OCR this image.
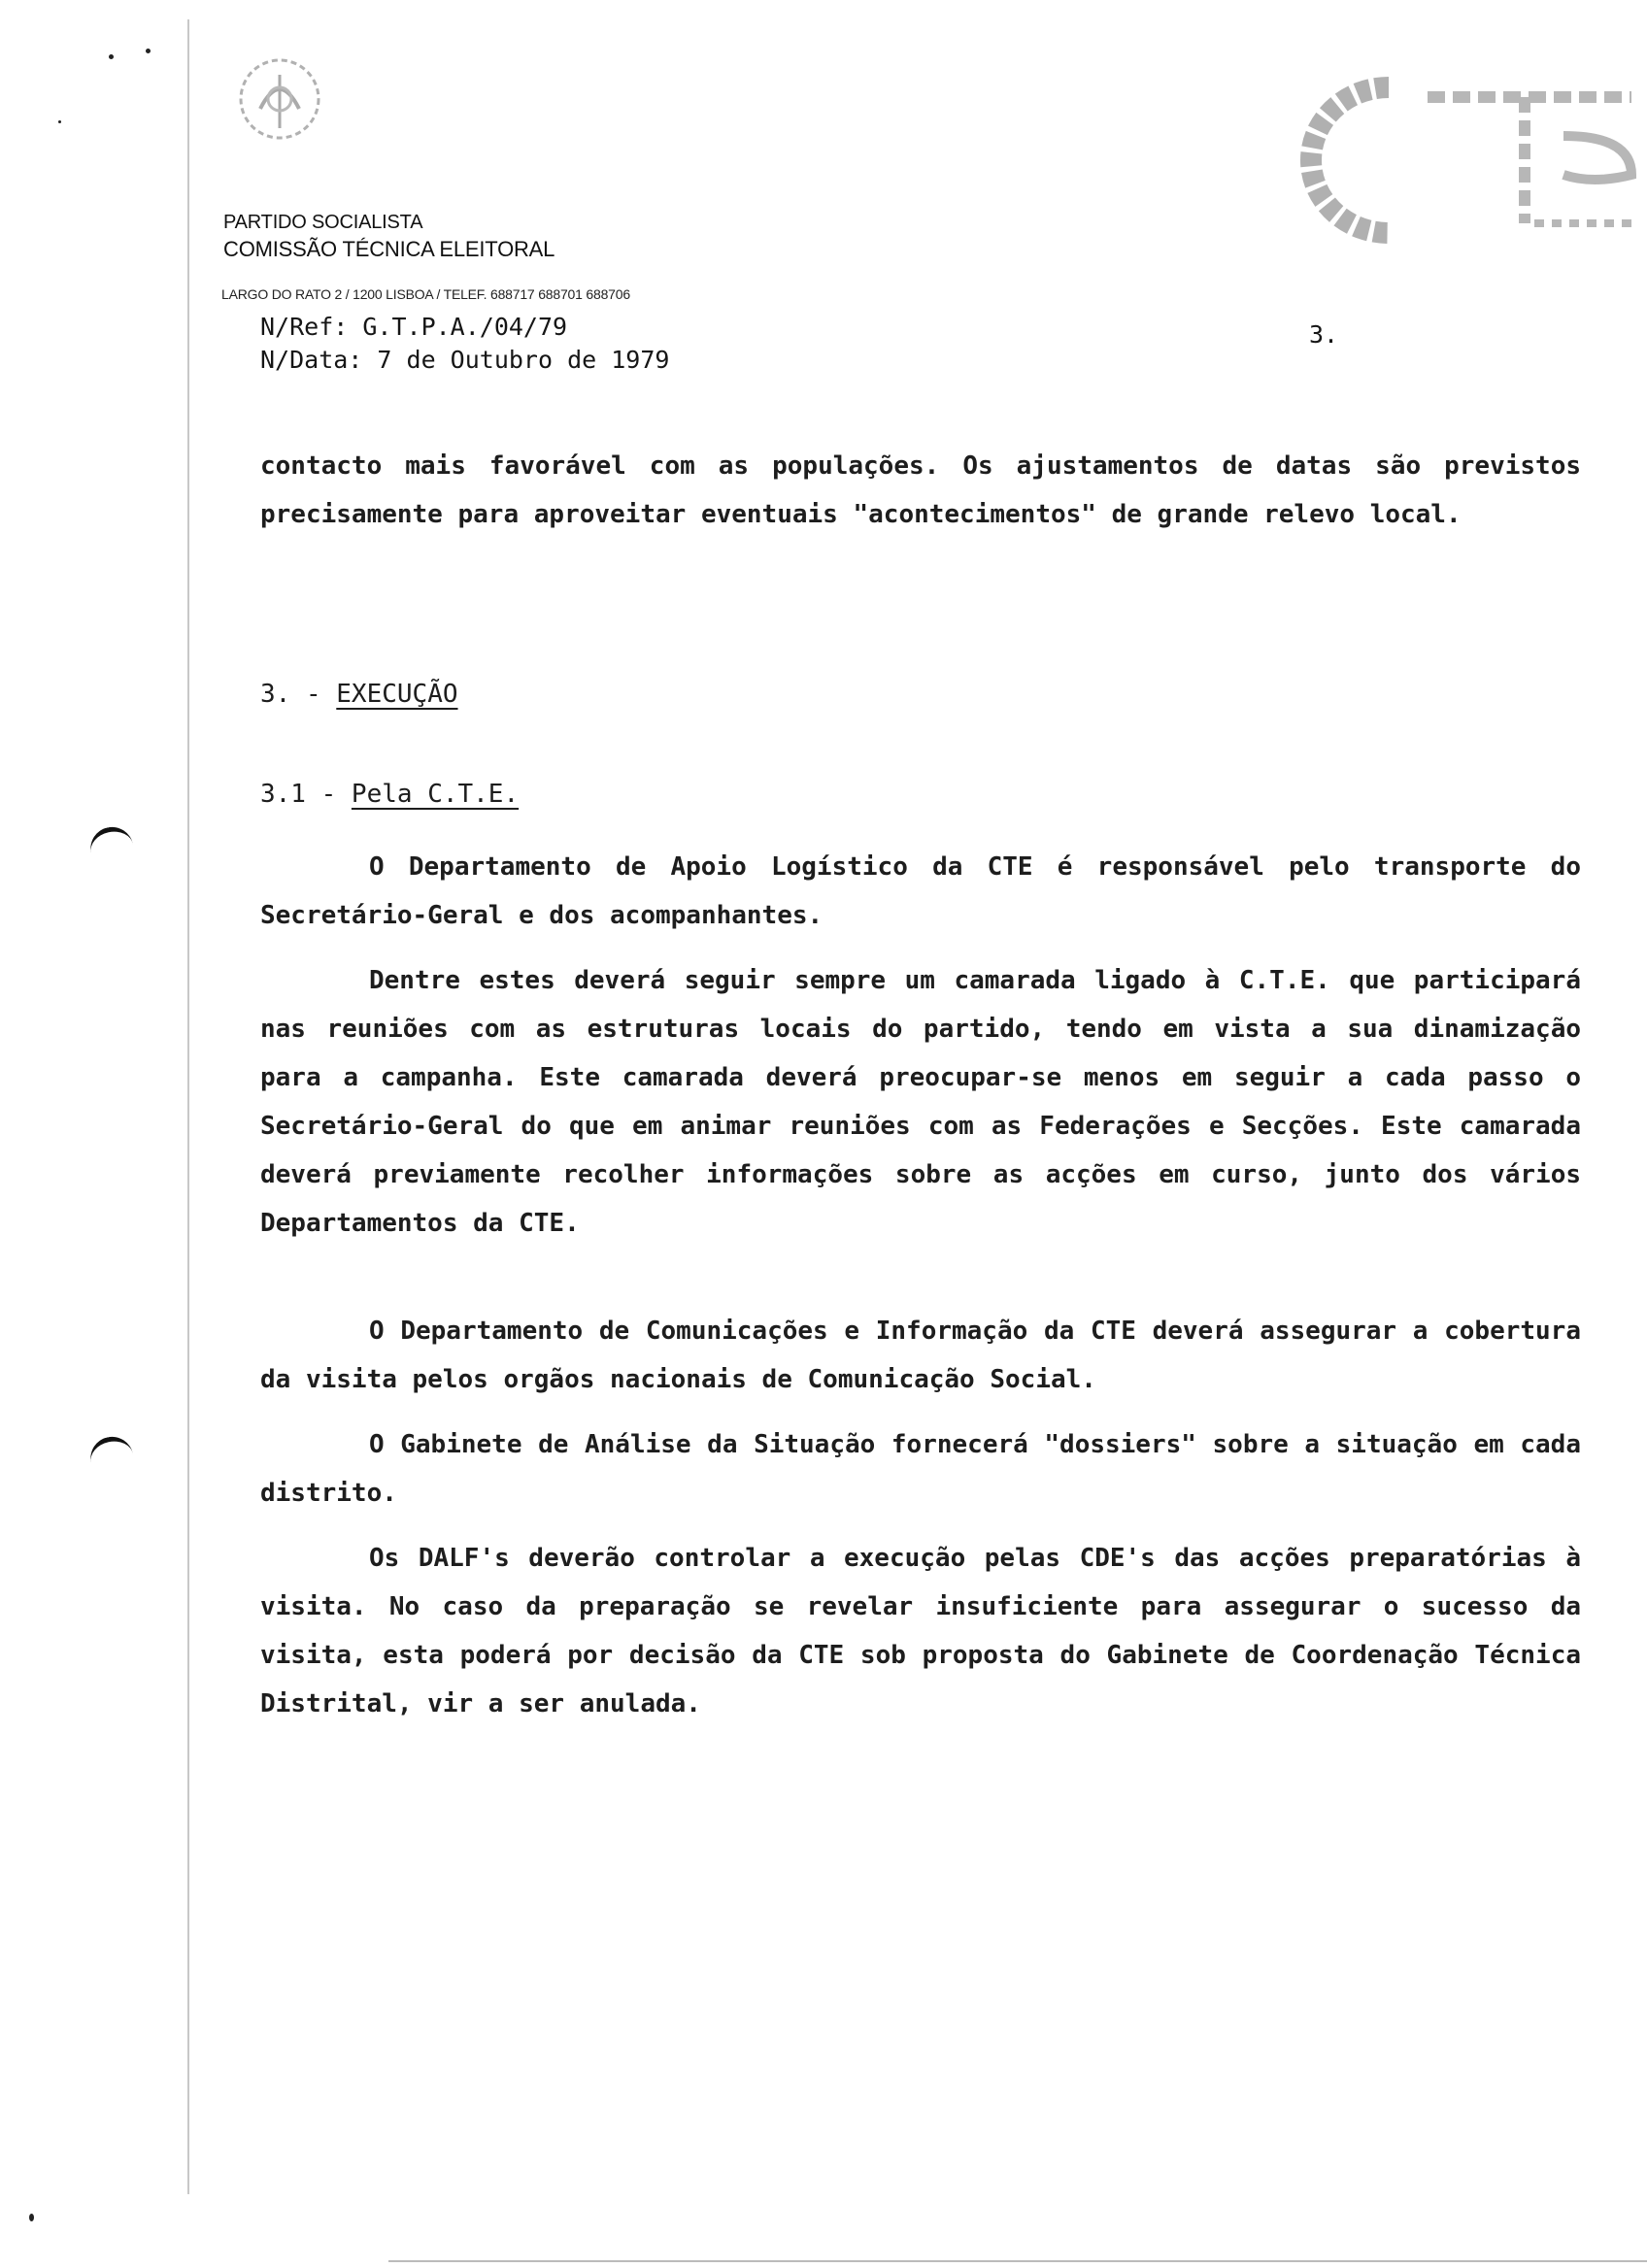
PARTIDO SOCIALISTA
COMISSÃO TÉCNICA ELEITORAL
LARGO DO RATO 2 / 1200 LISBOA / TELEF. 688717 688701 688706
N/Ref: G.T.P.A./04/79
N/Data: 7 de Outubro de 1979
3.

contacto mais favorável com as populações. Os ajustamentos de datas são previstos precisamente para aproveitar eventuais "acontecimentos" de grande relevo local.

3. - EXECUÇÃO
3.1 - Pela C.T.E.

O Departamento de Apoio Logístico da CTE é responsável pelo transporte do Secretário-Geral e dos acompanhantes.

Dentre estes deverá seguir sempre um camarada ligado à C.T.E. que participará nas reuniões com as estruturas locais do partido, tendo em vista a sua dinamização para a campanha. Este camarada deverá preocupar-se menos em seguir a cada passo o Secretário-Geral do que em animar reuniões com as Federações e Secções. Este camarada deverá previamente recolher informações sobre as acções em curso, junto dos vários Departamentos da CTE.

O Departamento de Comunicações e Informação da CTE deverá assegurar a cobertura da visita pelos orgãos nacionais de Comunicação Social.

O Gabinete de Análise da Situação fornecerá "dossiers" sobre a situação em cada distrito.

Os DALF's deverão controlar a execução pelas CDE's das acções preparatórias à visita. No caso da preparação se revelar insuficiente para assegurar o sucesso da visita, esta poderá por decisão da CTE sob proposta do Gabinete de Coordenação Técnica Distrital, vir a ser anulada.
